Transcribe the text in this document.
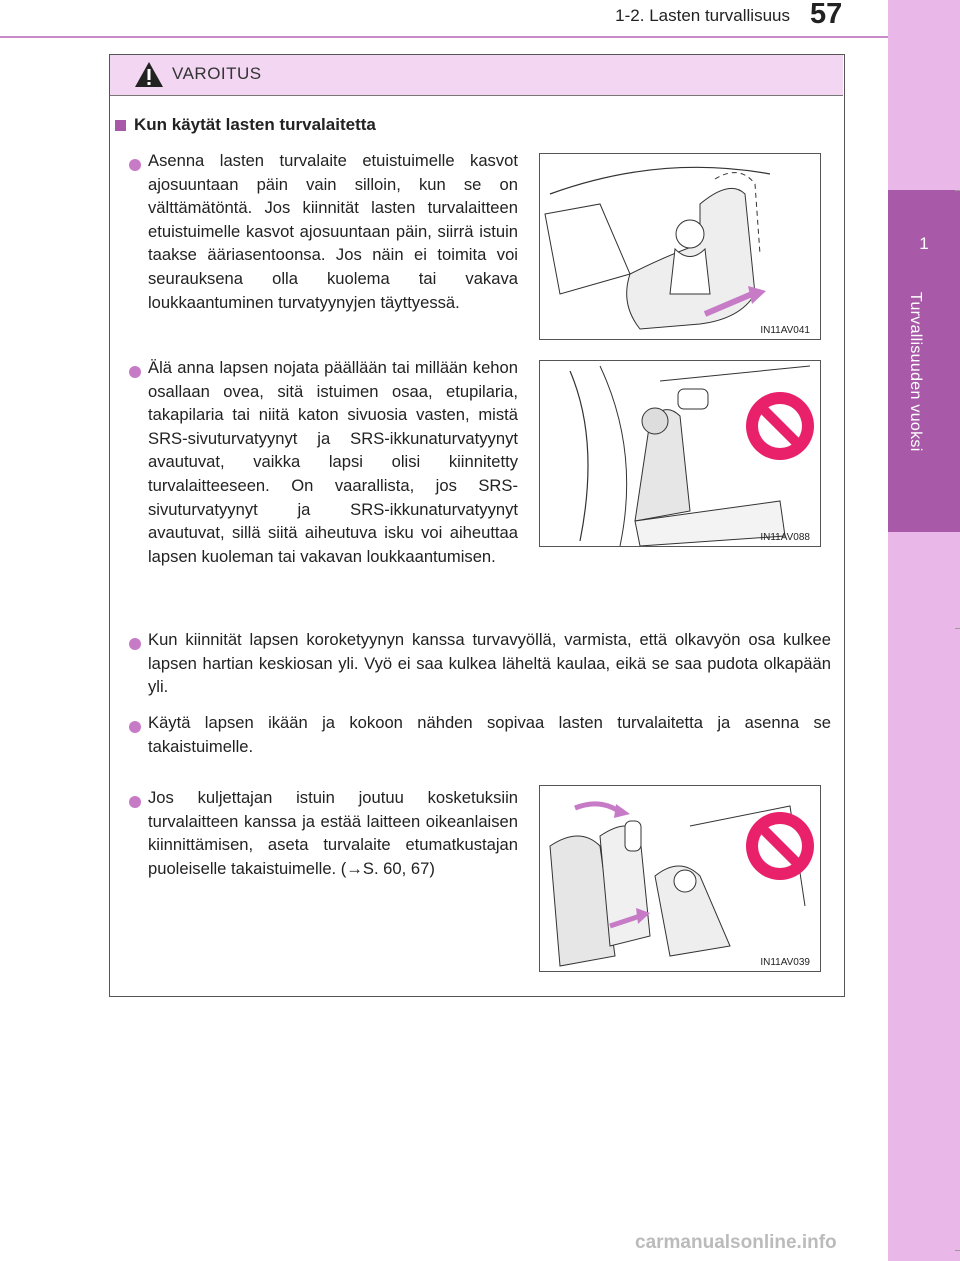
1
Turvallisuuden vuoksi
1-2. Lasten turvallisuus 57
VAROITUS
Kun käytät lasten turvalaitetta
Asenna lasten turvalaite etuistuimelle kasvot ajosuuntaan päin vain silloin, kun se on välttämätöntä. Jos kiinnität lasten turvalaitteen etuistuimelle kasvot ajosuuntaan päin, siirrä istuin taakse ääriasentoonsa. Jos näin ei toimita voi seurauksena olla kuolema tai vakava loukkaantuminen turvatyynyjen täyttyessä.
IN11AV041
Älä anna lapsen nojata päällään tai millään kehon osallaan ovea, sitä istuimen osaa, etupilaria, takapilaria tai niitä katon sivuosia vasten, mistä SRS-sivuturvatyynyt ja SRS-ikkunaturvatyynyt avautuvat, vaikka lapsi olisi kiinnitetty turvalaitteeseen. On vaarallista, jos SRS-sivuturvatyynyt ja SRS-ikkunaturvatyynyt avautuvat, sillä siitä aiheutuva isku voi aiheuttaa lapsen kuoleman tai vakavan loukkaantumisen.
IN11AV088
Kun kiinnität lapsen koroketyynyn kanssa turvavyöllä, varmista, että olkavyön osa kulkee lapsen hartian keskiosan yli. Vyö ei saa kulkea läheltä kaulaa, eikä se saa pudota olkapään yli.
Käytä lapsen ikään ja kokoon nähden sopivaa lasten turvalaitetta ja asenna se takaistuimelle.
Jos kuljettajan istuin joutuu kosketuksiin turvalaitteen kanssa ja estää laitteen oikeanlaisen kiinnittämisen, aseta turvalaite etumatkustajan puoleiselle takaistuimelle. (→S. 60, 67)
IN11AV039
carmanualsonline.info
